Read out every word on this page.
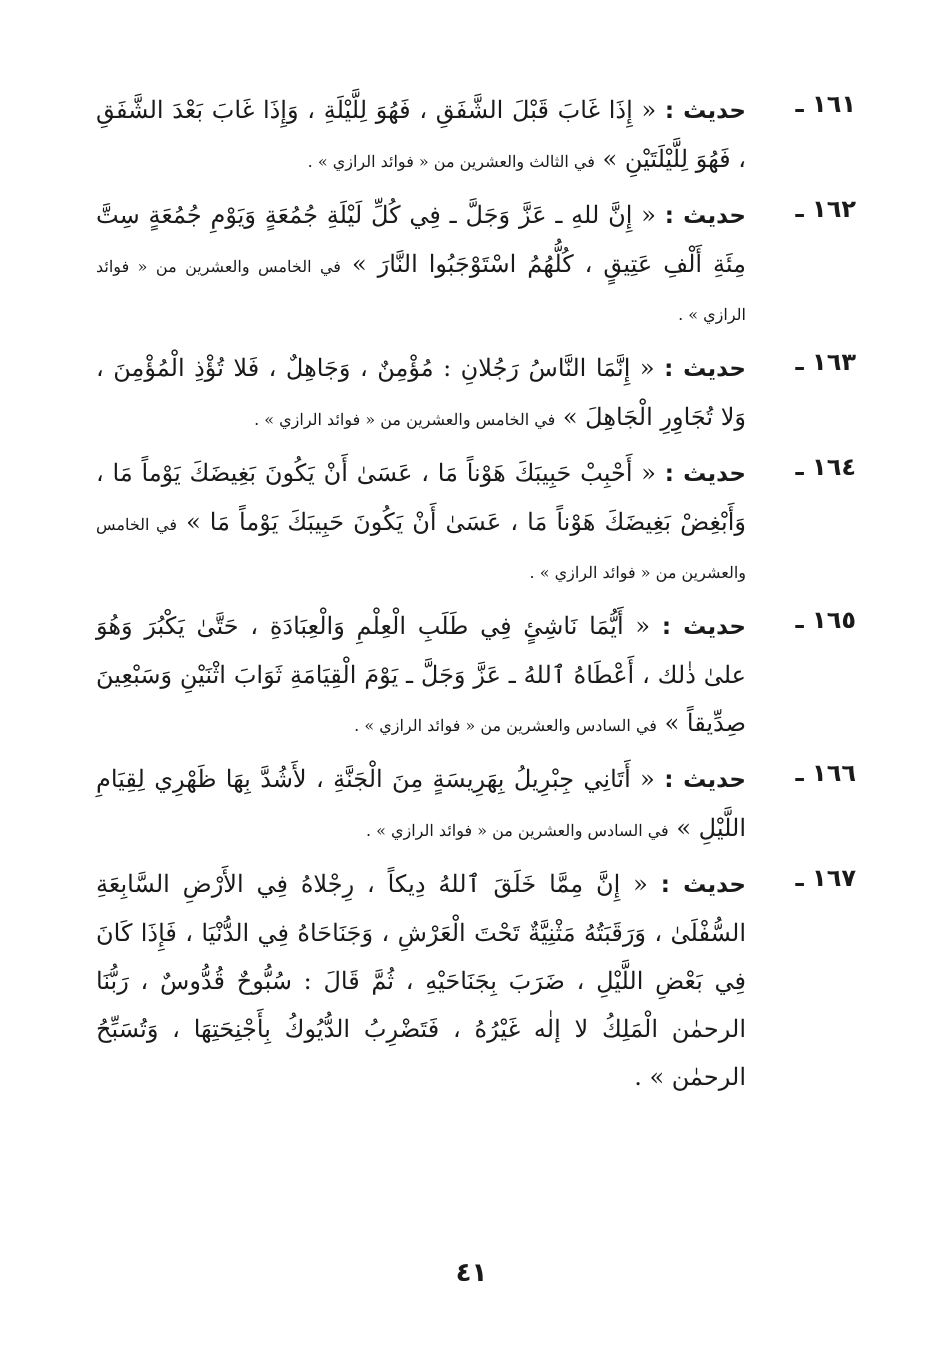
١٦١ ـ
حديث : « إِذَا غَابَ قَبْلَ الشَّفَقِ ، فَهُوَ لِلَّيْلَةِ ، وَإِذَا غَابَ بَعْدَ الشَّفَقِ ، فَهُوَ لِلَّيْلَتَيْنِ » في الثالث والعشرين من « فوائد الرازي » .
١٦٢ ـ
حديث : « إِنَّ للهِ ـ عَزَّ وَجَلَّ ـ فِي كُلِّ لَيْلَةِ جُمُعَةٍ وَيَوْمِ جُمُعَةٍ سِتَّ مِئَةِ أَلْفِ عَتِيقٍ ، كُلُّهُمُ اسْتَوْجَبُوا النَّارَ » في الخامس والعشرين من « فوائد الرازي » .
١٦٣ ـ
حديث : « إِنَّمَا النَّاسُ رَجُلانِ : مُؤْمِنٌ ، وَجَاهِلٌ ، فَلا تُؤْذِ الْمُؤْمِنَ ، وَلا تُجَاوِرِ الْجَاهِلَ » في الخامس والعشرين من « فوائد الرازي » .
١٦٤ ـ
حديث : « أَحْبِبْ حَبِيبَكَ هَوْناً مَا ، عَسَىٰ أَنْ يَكُونَ بَغِيضَكَ يَوْماً مَا ، وَأَبْغِضْ بَغِيضَكَ هَوْناً مَا ، عَسَىٰ أَنْ يَكُونَ حَبِيبَكَ يَوْماً مَا » في الخامس والعشرين من « فوائد الرازي » .
١٦٥ ـ
حديث : « أَيُّمَا نَاشِئٍ فِي طَلَبِ الْعِلْمِ وَالْعِبَادَةِ ، حَتَّىٰ يَكْبُرَ وَهُوَ علىٰ ذٰلك ، أَعْطَاهُ ٱللهُ ـ عَزَّ وَجَلَّ ـ يَوْمَ الْقِيَامَةِ ثَوَابَ اثْنَيْنِ وَسَبْعِينَ صِدِّيقاً » في السادس والعشرين من « فوائد الرازي » .
١٦٦ ـ
حديث : « أَتَانِي جِبْرِيلُ بِهَرِيسَةٍ مِنَ الْجَنَّةِ ، لأَشُدَّ بِهَا ظَهْرِي لِقِيَامِ اللَّيْلِ » في السادس والعشرين من « فوائد الرازي » .
١٦٧ ـ
حديث : « إِنَّ مِمَّا خَلَقَ ٱللهُ دِيكاً ، رِجْلاهُ فِي الأَرْضِ السَّابِعَةِ السُّفْلَىٰ ، وَرَقَبَتُهُ مَثْنِيَّةٌ تَحْتَ الْعَرْشِ ، وَجَنَاحَاهُ فِي الدُّنْيَا ، فَإِذَا كَانَ فِي بَعْضِ اللَّيْلِ ، ضَرَبَ بِجَنَاحَيْهِ ، ثُمَّ قَالَ : سُبُّوحٌ قُدُّوسٌ ، رَبُّنَا الرحمٰن الْمَلِكُ لا إلٰه غَيْرُهُ ، فَتَضْرِبُ الدُّيُوكُ بِأَجْنِحَتِهَا ، وَتُسَبِّحُ الرحمٰن » .
٤١
